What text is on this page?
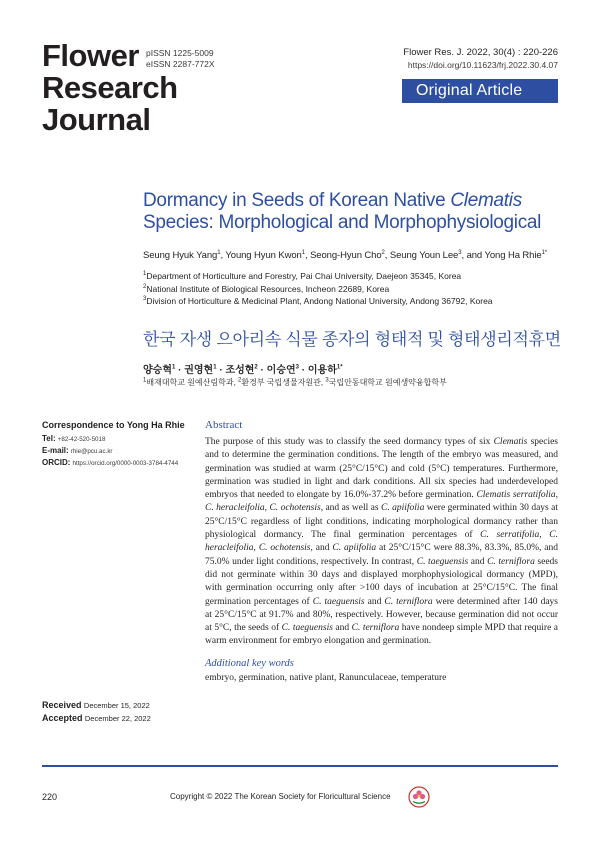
Flower
Research
Journal
pISSN 1225-5009
eISSN 2287-772X
Flower Res. J. 2022, 30(4) : 220-226
https://doi.org/10.11623/frj.2022.30.4.07
Original Article
Dormancy in Seeds of Korean Native Clematis
Species: Morphological and Morphophysiological
Seung Hyuk Yang$^1$, Young Hyun Kwon$^1$, Seong-Hyun Cho$^2$, Seung Youn Lee$^3$, and Yong Ha Rhie$^{1*}$
$^1$Department of Horticulture and Forestry, Pai Chai University, Daejeon 35345, Korea
$^2$National Institute of Biological Resources, Incheon 22689, Korea
$^3$Division of Horticulture & Medicinal Plant, Andong National University, Andong 36792, Korea
한국 자생 으아리속 식물 종자의 형태적 및 형태생리적휴면
양승혁$^1$ · 권영현$^1$ · 조성현$^2$ · 이승연$^3$ · 이용하$^{1*}$
$^1$배재대학교 원예산림학과, $^2$환경부 국립생물자원관, $^3$국립안동대학교 원예생약융합학부
Correspondence to Yong Ha Rhie
Tel: +82-42-520-5018
E-mail: rhie@pcu.ac.kr
ORCID: https://orcid.org/0000-0003-3784-4744
Abstract
The purpose of this study was to classify the seed dormancy types of six Clematis species and to determine the germination conditions. The length of the embryo was measured, and germination was studied at warm (25°C/15°C) and cold (5°C) temperatures. Furthermore, germination was studied in light and dark conditions. All six species had underdeveloped embryos that needed to elongate by 16.0%-37.2% before germination. Clematis serratifolia, C. heracleifolia, C. ochotensis, and as well as C. apiifolia were germinated within 30 days at 25°C/15°C regardless of light conditions, indicating morphological dormancy rather than physiological dormancy. The final germination percentages of C. serratifolia, C. heracleifolia, C. ochotensis, and C. apiifolia at 25°C/15°C were 88.3%, 83.3%, 85.0%, and 75.0% under light conditions, respectively. In contrast, C. taeguensis and C. terniflora seeds did not germinate within 30 days and displayed morphophysiological dormancy (MPD), with germination occurring only after >100 days of incubation at 25°C/15°C. The final germination percentages of C. taeguensis and C. terniflora were determined after 140 days at 25°C/15°C at 91.7% and 80%, respectively. However, because germination did not occur at 5°C, the seeds of C. taeguensis and C. terniflora have nondeep simple MPD that require a warm environment for embryo elongation and germination.
Additional key words
embryo, germination, native plant, Ranunculaceae, temperature
Received December 15, 2022
Accepted December 22, 2022
220	Copyright © 2022 The Korean Society for Floricultural Science
